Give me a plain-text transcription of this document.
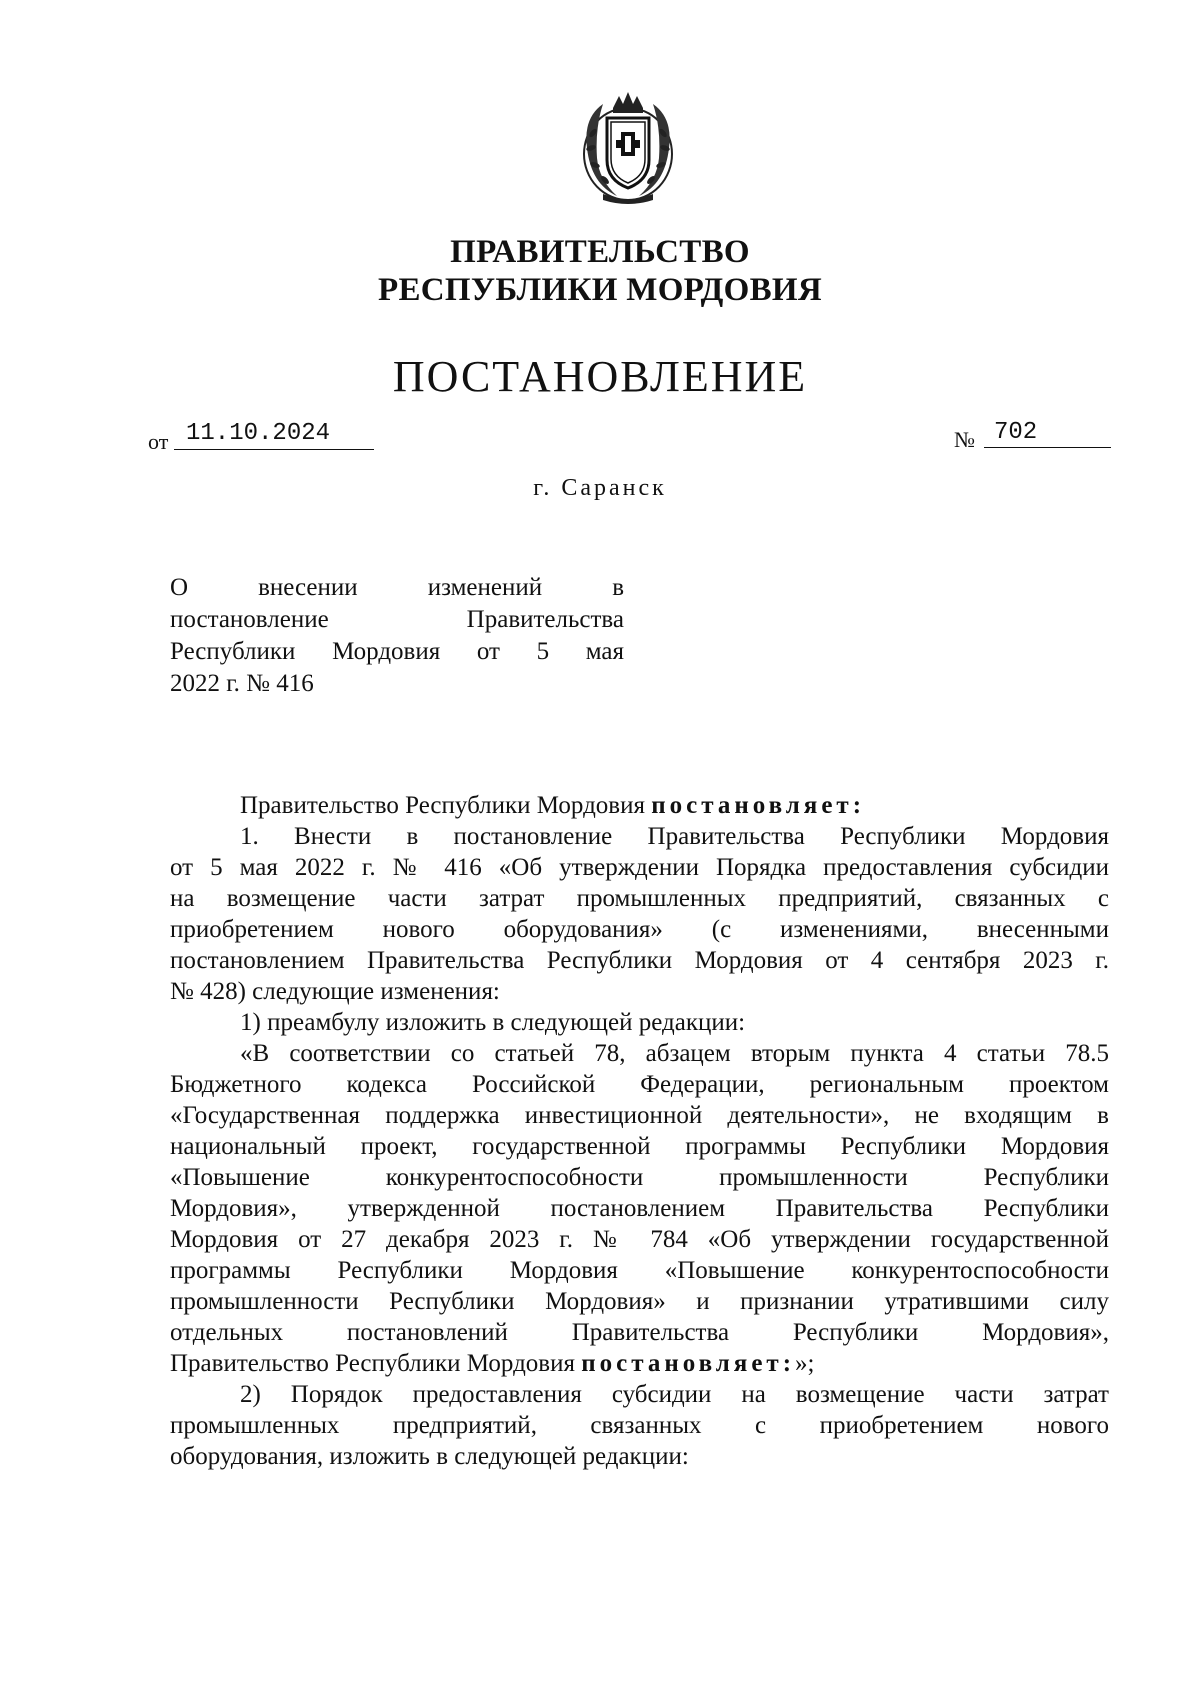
ПРАВИТЕЛЬСТВО
РЕСПУБЛИКИ МОРДОВИЯ
ПОСТАНОВЛЕНИЕ
от 11.10.2024	№ 702
г. Саранск
О	внесении	изменений	в
постановление	Правительства
Республики Мордовия от 5 мая
2022 г. № 416
Правительство Республики Мордовия постановляет:
1. Внести в постановление Правительства Республики Мордовия
от 5 мая 2022 г. № 416 «Об утверждении Порядка предоставления субсидии
на возмещение части затрат промышленных предприятий, связанных с
приобретением нового оборудования» (с изменениями, внесенными
постановлением Правительства Республики Мордовия от 4 сентября 2023 г.
№ 428) следующие изменения:
1) преамбулу изложить в следующей редакции:
«В соответствии со статьей 78, абзацем вторым пункта 4 статьи 78.5
Бюджетного кодекса Российской Федерации, региональным проектом
«Государственная поддержка инвестиционной деятельности», не входящим в
национальный проект, государственной программы Республики Мордовия
«Повышение конкурентоспособности промышленности Республики
Мордовия», утвержденной постановлением Правительства Республики
Мордовия от 27 декабря 2023 г. № 784 «Об утверждении государственной
программы Республики Мордовия «Повышение конкурентоспособности
промышленности Республики Мордовия» и признании утратившими силу
отдельных постановлений Правительства Республики Мордовия»,
Правительство Республики Мордовия постановляет:»;
2) Порядок предоставления субсидии на возмещение части затрат
промышленных предприятий, связанных с приобретением нового
оборудования, изложить в следующей редакции:
